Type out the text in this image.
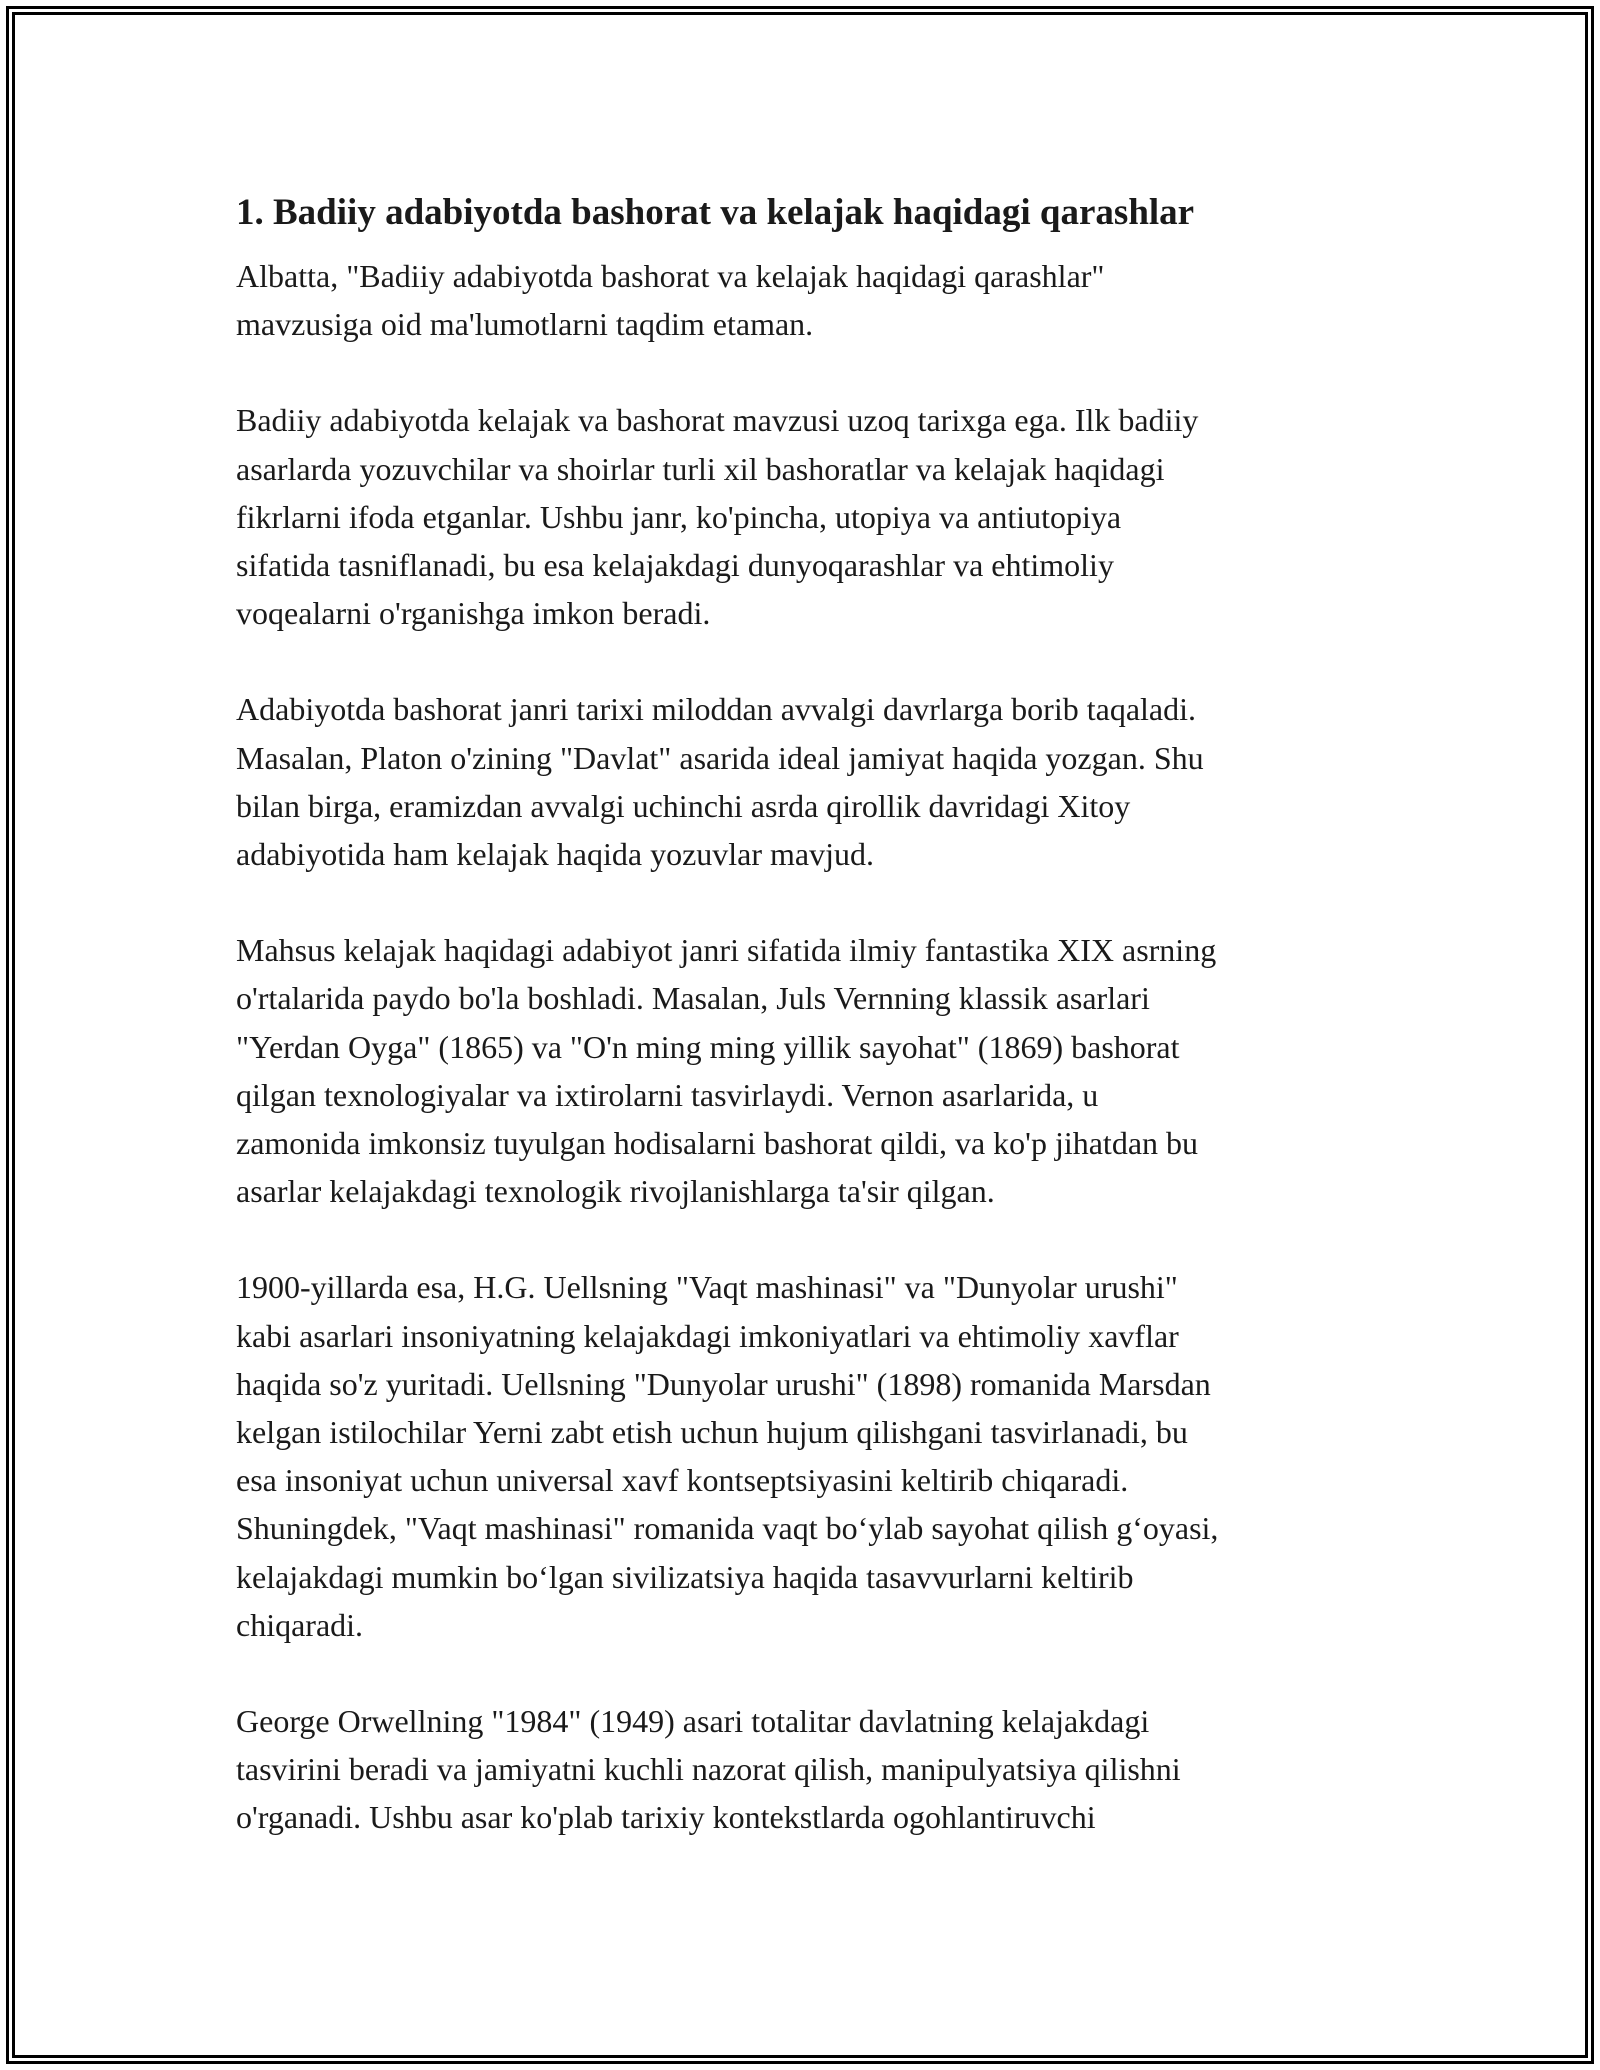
1. Badiiy adabiyotda bashorat va kelajak haqidagi qarashlar

Albatta, "Badiiy adabiyotda bashorat va kelajak haqidagi qarashlar"
mavzusiga oid ma'lumotlarni taqdim etaman.

Badiiy adabiyotda kelajak va bashorat mavzusi uzoq tarixga ega. Ilk badiiy
asarlarda yozuvchilar va shoirlar turli xil bashoratlar va kelajak haqidagi
fikrlarni ifoda etganlar. Ushbu janr, ko'pincha, utopiya va antiutopiya
sifatida tasniflanadi, bu esa kelajakdagi dunyoqarashlar va ehtimoliy
voqealarni o'rganishga imkon beradi.

Adabiyotda bashorat janri tarixi miloddan avvalgi davrlarga borib taqaladi.
Masalan, Platon o'zining "Davlat" asarida ideal jamiyat haqida yozgan. Shu
bilan birga, eramizdan avvalgi uchinchi asrda qirollik davridagi Xitoy
adabiyotida ham kelajak haqida yozuvlar mavjud.

Mahsus kelajak haqidagi adabiyot janri sifatida ilmiy fantastika XIX asrning
o'rtalarida paydo bo'la boshladi. Masalan, Juls Vernning klassik asarlari
"Yerdan Oyga" (1865) va "O'n ming ming yillik sayohat" (1869) bashorat
qilgan texnologiyalar va ixtirolarni tasvirlaydi. Vernon asarlarida, u
zamonida imkonsiz tuyulgan hodisalarni bashorat qildi, va ko'p jihatdan bu
asarlar kelajakdagi texnologik rivojlanishlarga ta'sir qilgan.

1900-yillarda esa, H.G. Uellsning "Vaqt mashinasi" va "Dunyolar urushi"
kabi asarlari insoniyatning kelajakdagi imkoniyatlari va ehtimoliy xavflar
haqida so'z yuritadi. Uellsning "Dunyolar urushi" (1898) romanida Marsdan
kelgan istilochilar Yerni zabt etish uchun hujum qilishgani tasvirlanadi, bu
esa insoniyat uchun universal xavf kontseptsiyasini keltirib chiqaradi.
Shuningdek, "Vaqt mashinasi" romanida vaqt bo‘ylab sayohat qilish g‘oyasi,
kelajakdagi mumkin bo‘lgan sivilizatsiya haqida tasavvurlarni keltirib
chiqaradi.

George Orwellning "1984" (1949) asari totalitar davlatning kelajakdagi
tasvirini beradi va jamiyatni kuchli nazorat qilish, manipulyatsiya qilishni
o'rganadi. Ushbu asar ko'plab tarixiy kontekstlarda ogohlantiruvchi
